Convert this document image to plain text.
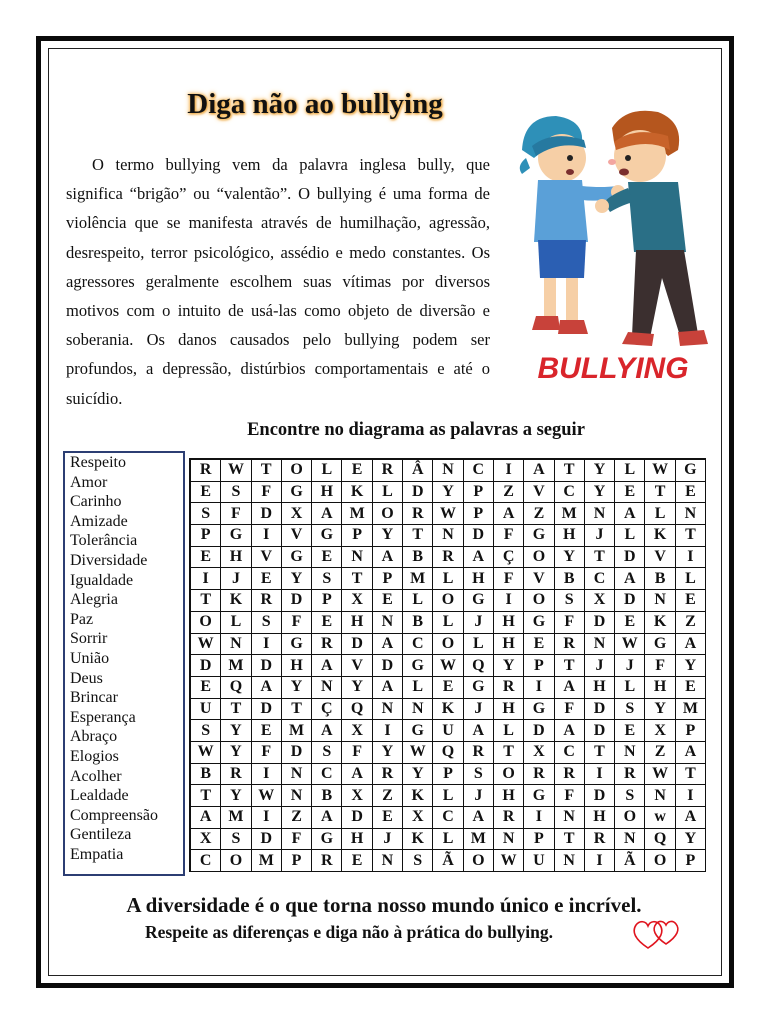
Diga não ao bullying

O termo bullying vem da palavra inglesa bully, que significa “brigão” ou “valentão”. O bullying é uma forma de violência que se manifesta através de humilhação, agressão, desrespeito, terror psicológico, assédio e medo constantes. Os agressores geralmente escolhem suas vítimas por diversos motivos com o intuito de usá-las como objeto de diversão e soberania. Os danos causados pelo bullying podem ser profundos, a depressão, distúrbios comportamentais e até o suicídio.

BULLYING
Encontre no diagrama as palavras a seguir
Respeito
Amor
Carinho
Amizade
Tolerância
Diversidade
Igualdade
Alegria
Paz
Sorrir
União
Deus
Brincar
Esperança
Abraço
Elogios
Acolher
Lealdade
Compreensão
Gentileza
Empatia
R	W	T	O	L	E	R	Â	N	C	I	A	T	Y	L	W	G
E	S	F	G	H	K	L	D	Y	P	Z	V	C	Y	E	T	E
S	F	D	X	A	M	O	R	W	P	A	Z	M	N	A	L	N
P	G	I	V	G	P	Y	T	N	D	F	G	H	J	L	K	T
E	H	V	G	E	N	A	B	R	A	Ç	O	Y	T	D	V	I
I	J	E	Y	S	T	P	M	L	H	F	V	B	C	A	B	L
T	K	R	D	P	X	E	L	O	G	I	O	S	X	D	N	E
O	L	S	F	E	H	N	B	L	J	H	G	F	D	E	K	Z
W	N	I	G	R	D	A	C	O	L	H	E	R	N	W	G	A
D	M	D	H	A	V	D	G	W	Q	Y	P	T	J	J	F	Y
E	Q	A	Y	N	Y	A	L	E	G	R	I	A	H	L	H	E
U	T	D	T	Ç	Q	N	N	K	J	H	G	F	D	S	Y	M
S	Y	E	M	A	X	I	G	U	A	L	D	A	D	E	X	P
W	Y	F	D	S	F	Y	W	Q	R	T	X	C	T	N	Z	A
B	R	I	N	C	A	R	Y	P	S	O	R	R	I	R	W	T
T	Y	W	N	B	X	Z	K	L	J	H	G	F	D	S	N	I
A	M	I	Z	A	D	E	X	C	A	R	I	N	H	O	w	A
X	S	D	F	G	H	J	K	L	M	N	P	T	R	N	Q	Y
C	O	M	P	R	E	N	S	Ã	O	W	U	N	I	Ã	O	P
A diversidade é o que torna nosso mundo único e incrível.
Respeite as diferenças e diga não à prática do bullying.
